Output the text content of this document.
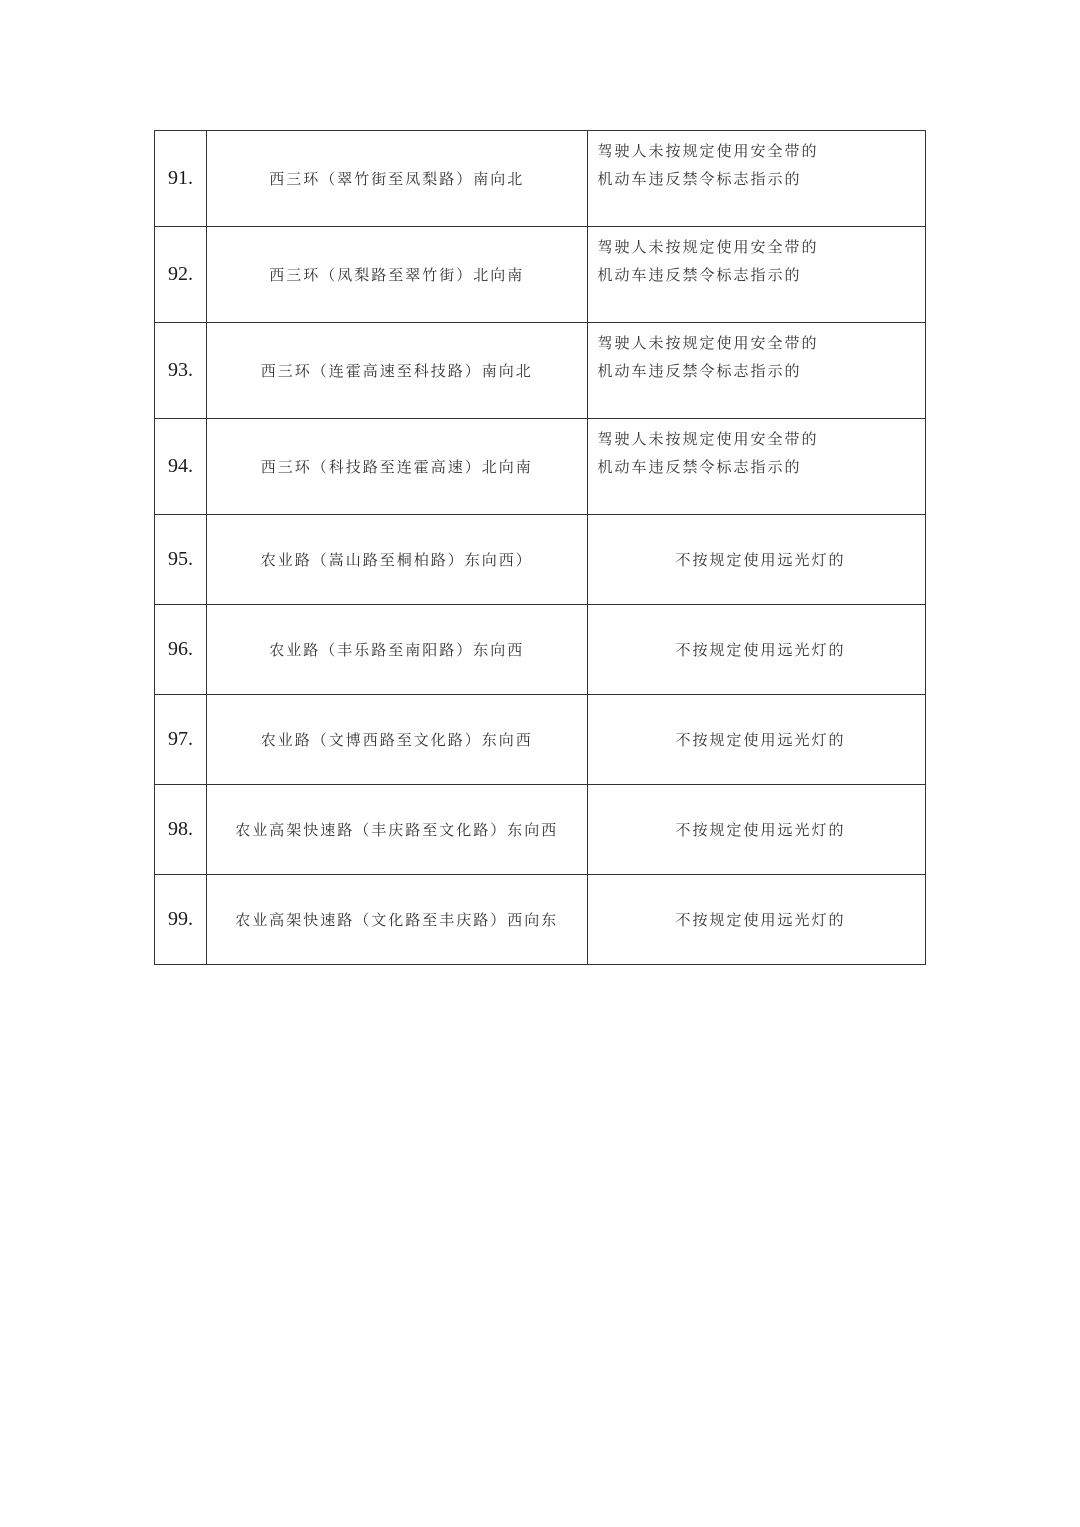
91.	西三环（翠竹街至凤梨路）南向北	驾驶人未按规定使用安全带的
机动车违反禁令标志指示的

92.	西三环（凤梨路至翠竹街）北向南	驾驶人未按规定使用安全带的
机动车违反禁令标志指示的

93.	西三环（连霍高速至科技路）南向北	驾驶人未按规定使用安全带的
机动车违反禁令标志指示的

94.	西三环（科技路至连霍高速）北向南	驾驶人未按规定使用安全带的
机动车违反禁令标志指示的

95.	农业路（嵩山路至桐柏路）东向西）	不按规定使用远光灯的
96.	农业路（丰乐路至南阳路）东向西	不按规定使用远光灯的
97.	农业路（文博西路至文化路）东向西	不按规定使用远光灯的
98.	农业高架快速路（丰庆路至文化路）东向西	不按规定使用远光灯的
99.	农业高架快速路（文化路至丰庆路）西向东	不按规定使用远光灯的
